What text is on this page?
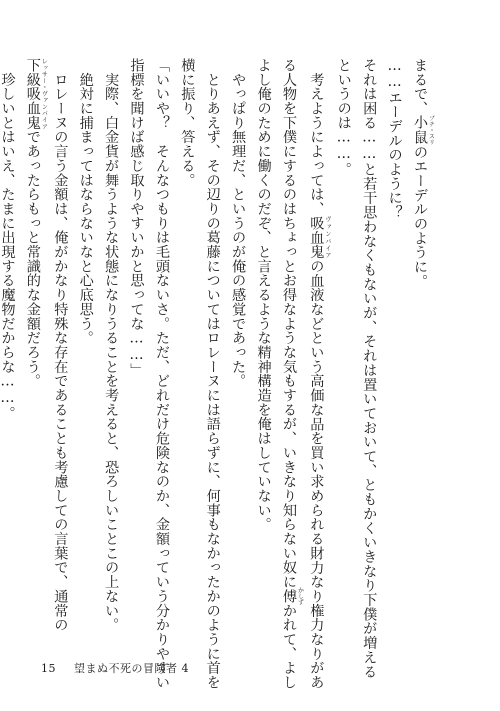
まるで、小鼠 プチ・スリのエーデルのように。
……エーデルのように？
それは困る……と若干思わなくもないが、それは置いておいて、ともかくいきなり下僕が増える
というのは……。
　考えようによっては、吸血鬼 ヴァンパイアの血液などという高価な品を買い求められる財力なり権力なりがあ
る人物を下僕にするのはちょっとお得なような気もするが、いきなり知らない奴に傅 かしずかれて、よし
よし俺のために働くのだぞ、と言えるような精神構造を俺はしていない。
　やっぱり無理だ、というのが俺の感覚であった。
　とりあえず、その辺りの葛藤についてはロレーヌには語らずに、何事もなかったかのように首を
横に振り、答える。
「いいや？　そんなつもりは毛頭ないさ。ただ、どれだけ危険なのか、金額っていう分かりやすい
指標を聞けば感じ取りやすいかと思ってな……」
　実際、白金貨が舞うような状態になりうることを考えると、恐ろしいことこの上ない。
　絶対に捕まってはならないなと心底思う。
　ロレーヌの言う金額は、俺がかなり特殊な存在であることも考慮しての言葉で、通常の
下級吸血鬼 レッサー・ヴァンパイアであったらもっと常識的な金額だろう。
　珍しいとはいえ、たまに出現する魔物だからな……。
15 望まぬ不死の冒険者 4
